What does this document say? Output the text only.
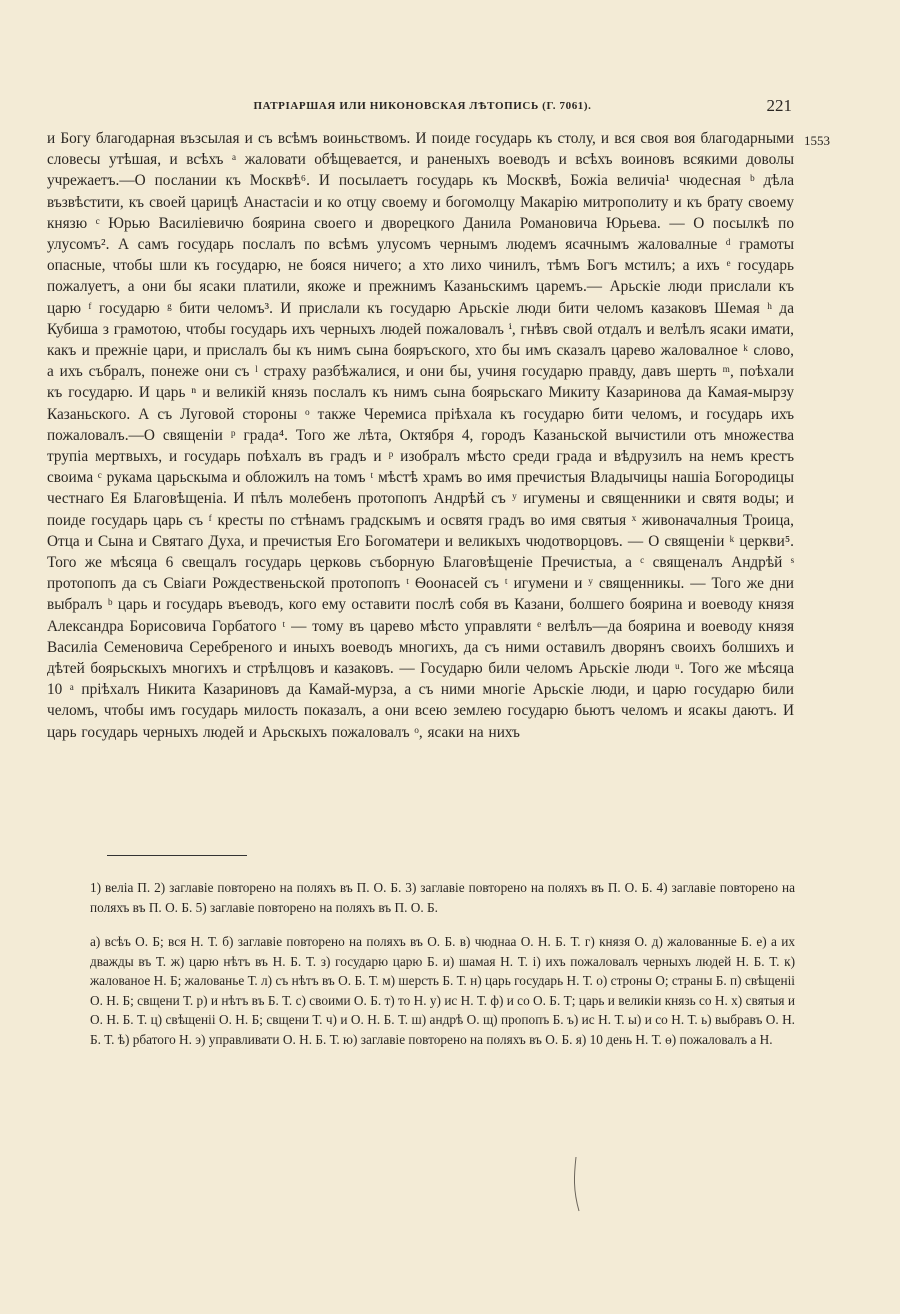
ПАТРІАРШАЯ ИЛИ НИКОНОВСКАЯ ЛѢТОПИСЬ (Г. 7061).	221
1553

и Богу благодарная възсылая и съ всѣмъ воиньствомъ. И поиде государь къ столу, и вся своя воя благодарными словесы утѣшая, и всѣхъ ᵃ жаловати обѣщевается, и раненыхъ воеводъ и всѣхъ воиновъ всякими доволы учрежаетъ.—О послании къ Москвѣ⁶. И посылаетъ государь къ Москвѣ, Божіа величіа¹ чюдесная ᵇ дѣла възвѣстити, къ своей царицѣ Анастасіи и ко отцу своему и богомолцу Макарію митрополиту и къ брату своему князю ᶜ Юрью Василіевичю боярина своего и дворецкого Данила Романовича Юрьева. — О посылкѣ по улусомъ². А самъ государь послалъ по всѣмъ улусомъ чернымъ людемъ ясачнымъ жаловалные ᵈ грамоты опасные, чтобы шли къ государю, не бояся ничего; а хто лихо чинилъ, тѣмъ Богъ мстилъ; а ихъ ᵉ государь пожалуетъ, а они бы ясаки платили, якоже и прежнимъ Казаньскимъ царемъ.— Арьскіе люди прислали къ царю ᶠ государю ᵍ бити челомъ³. И прислали къ государю Арьскіе люди бити челомъ казаковъ Шемая ʰ да Кубиша з грамотою, чтобы государь ихъ черныхъ людей пожаловалъ ⁱ, гнѣвъ свой отдалъ и велѣлъ ясаки имати, какъ и прежніе цари, и прислалъ бы къ нимъ сына бояръского, хто бы имъ сказалъ царево жаловалное ᵏ слово, а ихъ събралъ, понеже они съ ˡ страху разбѣжалися, и они бы, учиня государю правду, давъ шерть ᵐ, поѣхали къ государю. И царь ⁿ и великій князь послалъ къ нимъ сына боярьскаго Микиту Казаринова да Камая-мырзу Казаньского. А съ Луговой стороны ᵒ также Черемиса пріѣхала къ государю бити челомъ, и государь ихъ пожаловалъ.—О священіи ᵖ града⁴. Того же лѣта, Октября 4, городъ Казаньской вычистили отъ множества трупіа мертвыхъ, и государь поѣхалъ въ градъ и ᵖ изобралъ мѣсто среди града и вѣдрузилъ на немъ крестъ своима ᶜ рукама царьскыма и обложилъ на томъ ᵗ мѣстѣ храмъ во имя пречистыя Владычицы нашіа Богородицы честнаго Ея Благовѣщеніа. И пѣлъ молебенъ протопопъ Андрѣй съ ʸ игумены и священники и святя воды; и поиде государь царь съ ᶠ кресты по стѣнамъ градскымъ и освятя градъ во имя святыя ˣ живоначалныя Троица, Отца и Сына и Святаго Духа, и пречистыя Его Богоматери и великыхъ чюдотворцовъ. — О священіи ᵏ церкви⁵. Того же мѣсяца 6 свещалъ государь церковь съборную Благовѣщеніе Пречистыа, а ᶜ священалъ Андрѣй ˢ протопопъ да съ Свіаги Рождественьской протопопъ ᵗ Ѳоонасей съ ᵗ игумени и ʸ священникы. — Того же дни выбралъ ᵇ царь и государь въеводъ, кого ему оставити послѣ собя въ Казани, болшего боярина и воеводу князя Александра Борисовича Горбатого ᵗ — тому въ царево мѣсто управляти ᵉ велѣлъ—да боярина и воеводу князя Василіа Семеновича Серебреного и иныхъ воеводъ многихъ, да съ ними оставилъ дворянъ своихъ болшихъ и дѣтей боярьскыхъ многихъ и стрѣлцовъ и казаковъ. — Государю били челомъ Арьскіе люди ᵘ. Того же мѣсяца 10 ᵃ пріѣхалъ Никита Казариновъ да Камай-мурза, а съ ними многіе Арьскіе люди, и царю государю били челомъ, чтобы имъ государь милость показалъ, а они всею землею государю бьютъ челомъ и ясакы даютъ. И царь государь черныхъ людей и Арьскыхъ пожаловалъ ᵒ, ясаки на нихъ

1) веліа П. 2) заглавіе повторено на поляхъ въ П. О. Б. 3) заглавіе повторено на поляхъ въ П. О. Б. 4) заглавіе повторено на поляхъ въ П. О. Б. 5) заглавіе повторено на поляхъ въ П. О. Б.

а) всѣъ О. Б; вся Н. Т. б) заглавіе повторено на поляхъ въ О. Б. в) чюднаа О. Н. Б. Т. г) князя О. д) жалованные Б. е) а их дважды въ Т. ж) царю нѣтъ въ Н. Б. Т. з) государю царю Б. и) шамая Н. Т. і) ихъ пожаловалъ черныхъ людей Н. Б. Т. к) жалованое Н. Б; жалованье Т. л) съ нѣтъ въ О. Б. Т. м) шерсть Б. Т. н) царь государь Н. Т. о) строны О; страны Б. п) свѣщеніі О. Н. Б; свщени Т. р) и нѣтъ въ Б. Т. с) своими О. Б. т) то Н. у) ис Н. Т. ф) и со О. Б. Т; царь и великіи князь со Н. х) святыя и О. Н. Б. Т. ц) свѣщеніі О. Н. Б; свщени Т. ч) и О. Н. Б. Т. ш) андрѣ О. щ) пропопъ Б. ъ) ис Н. Т. ы) и со Н. Т. ь) выбравъ О. Н. Б. Т. ѣ) рбатого Н. э) управливати О. Н. Б. Т. ю) заглавіе повторено на поляхъ въ О. Б. я) 10 день Н. Т. ѳ) пожаловалъ а Н.
